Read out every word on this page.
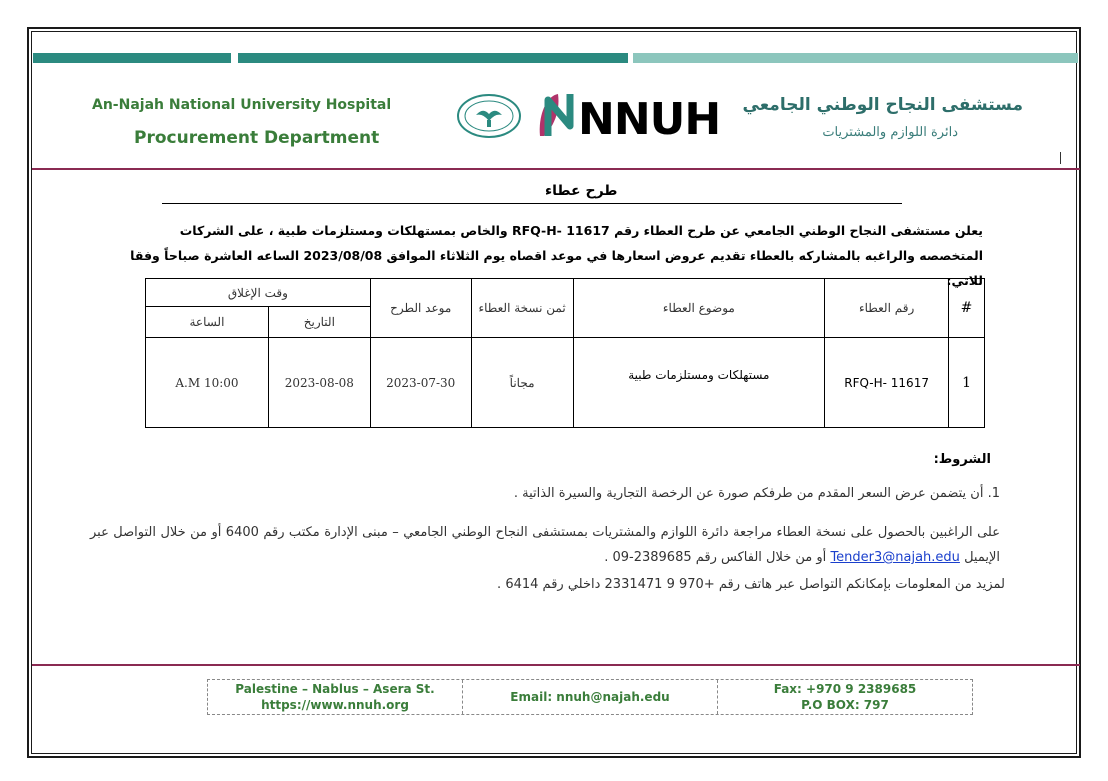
An-Najah National University Hospital
Procurement Department
مستشفى النجاح الوطني الجامعي
دائرة اللوازم والمشتريات
NNUH
طرح عطاء
يعلن مستشفى النجاح الوطني الجامعي عن طرح العطاء رقم RFQ-H- 11617 والخاص بمستهلكات ومستلزمات طبية ، على الشركات المتخصصه والراغبه بالمشاركه بالعطاء تقديم عروض اسعارها في موعد اقصاه يوم الثلاثاء الموافق 2023/08/08 الساعه العاشرة صباحاً وفقا للاتي:
#	رقم العطاء	موضوع العطاء	ثمن نسخة العطاء	موعد الطرح	وقت الإغلاق	
					التاريخ	الساعة
1	RFQ-H- 11617	مستهلكات ومستلزمات طبية	مجاناً	2023-07-30	2023-08-08	A.M 10:00
الشروط:
1. أن يتضمن عرض السعر المقدم من طرفكم صورة عن الرخصة التجارية والسيرة الذاتية .
على الراغبين بالحصول على نسخة العطاء مراجعة دائرة اللوازم والمشتريات بمستشفى النجاح الوطني الجامعي – مبنى الإدارة مكتب رقم 6400 أو من خلال التواصل عبر الإيميل Tender3@najah.edu أو من خلال الفاكس رقم 2389685-09 .
لمزيد من المعلومات بإمكانكم التواصل عبر هاتف رقم +970 9 2331471 داخلي رقم 6414 .
Palestine – Nablus – Asera St.
https://www.nnuh.org
Email: nnuh@najah.edu
Fax: +970 9 2389685
P.O BOX: 797
